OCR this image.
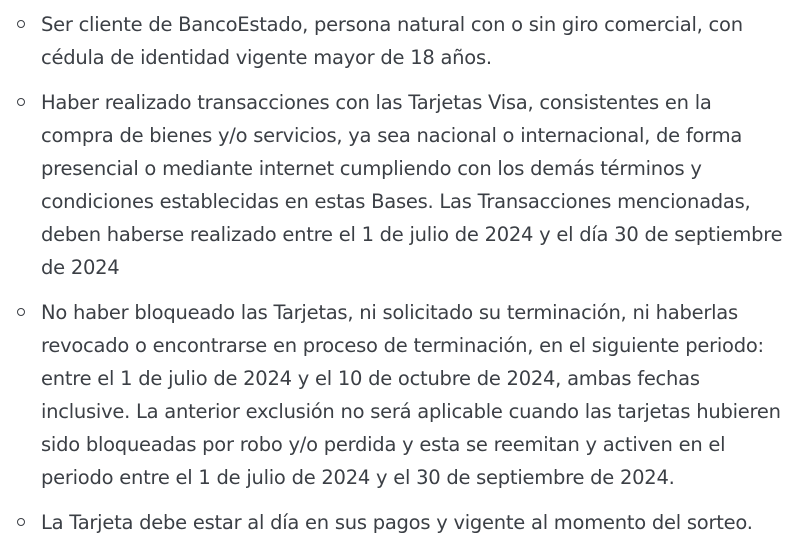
Ser cliente de BancoEstado, persona natural con o sin giro comercial, con cédula de identidad vigente mayor de 18 años.
Haber realizado transacciones con las Tarjetas Visa, consistentes en la compra de bienes y/o servicios, ya sea nacional o internacional, de forma presencial o mediante internet cumpliendo con los demás términos y condiciones establecidas en estas Bases. Las Transacciones mencionadas, deben haberse realizado entre el 1 de julio de 2024 y el día 30 de septiembre de 2024
No haber bloqueado las Tarjetas, ni solicitado su terminación, ni haberlas revocado o encontrarse en proceso de terminación, en el siguiente periodo: entre el 1 de julio de 2024 y el 10 de octubre de 2024, ambas fechas inclusive. La anterior exclusión no será aplicable cuando las tarjetas hubieren sido bloqueadas por robo y/o perdida y esta se reemitan y activen en el periodo entre el 1 de julio de 2024 y el 30 de septiembre de 2024.
La Tarjeta debe estar al día en sus pagos y vigente al momento del sorteo.
